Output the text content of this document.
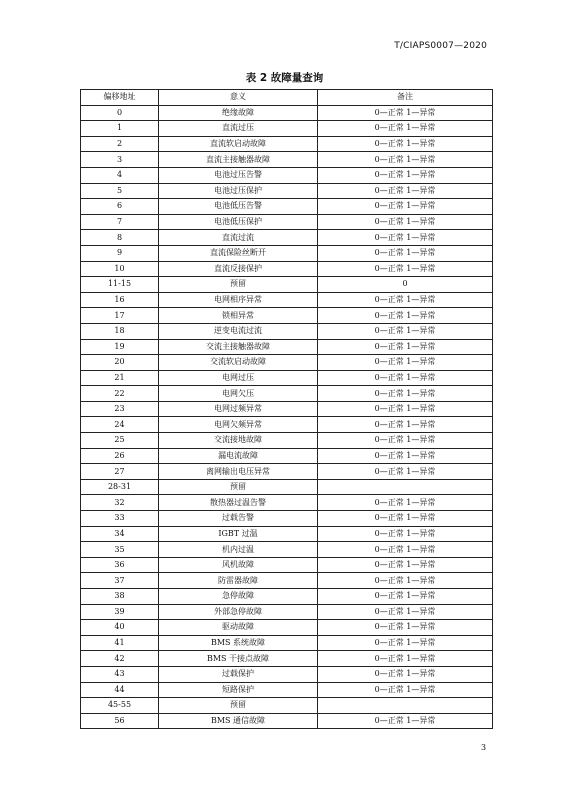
T/CIAPS0007—2020
表 2 故障量查询
偏移地址	意义	备注
0	绝缘故障	0—正常 1—异常
1	直流过压	0—正常 1—异常
2	直流软启动故障	0—正常 1—异常
3	直流主接触器故障	0—正常 1—异常
4	电池过压告警	0—正常 1—异常
5	电池过压保护	0—正常 1—异常
6	电池低压告警	0—正常 1—异常
7	电池低压保护	0—正常 1—异常
8	直流过流	0—正常 1—异常
9	直流保险丝断开	0—正常 1—异常
10	直流反接保护	0—正常 1—异常
11-15	预留	0
16	电网相序异常	0—正常 1—异常
17	锁相异常	0—正常 1—异常
18	逆变电流过流	0—正常 1—异常
19	交流主接触器故障	0—正常 1—异常
20	交流软启动故障	0—正常 1—异常
21	电网过压	0—正常 1—异常
22	电网欠压	0—正常 1—异常
23	电网过频异常	0—正常 1—异常
24	电网欠频异常	0—正常 1—异常
25	交流接地故障	0—正常 1—异常
26	漏电流故障	0—正常 1—异常
27	离网输出电压异常	0—正常 1—异常
28-31	预留	
32	散热器过温告警	0—正常 1—异常
33	过载告警	0—正常 1—异常
34	IGBT 过温	0—正常 1—异常
35	机内过温	0—正常 1—异常
36	风机故障	0—正常 1—异常
37	防雷器故障	0—正常 1—异常
38	急停故障	0—正常 1—异常
39	外部急停故障	0—正常 1—异常
40	驱动故障	0—正常 1—异常
41	BMS 系统故障	0—正常 1—异常
42	BMS 干接点故障	0—正常 1—异常
43	过载保护	0—正常 1—异常
44	短路保护	0—正常 1—异常
45-55	预留	
56	BMS 通信故障	0—正常 1—异常
3
